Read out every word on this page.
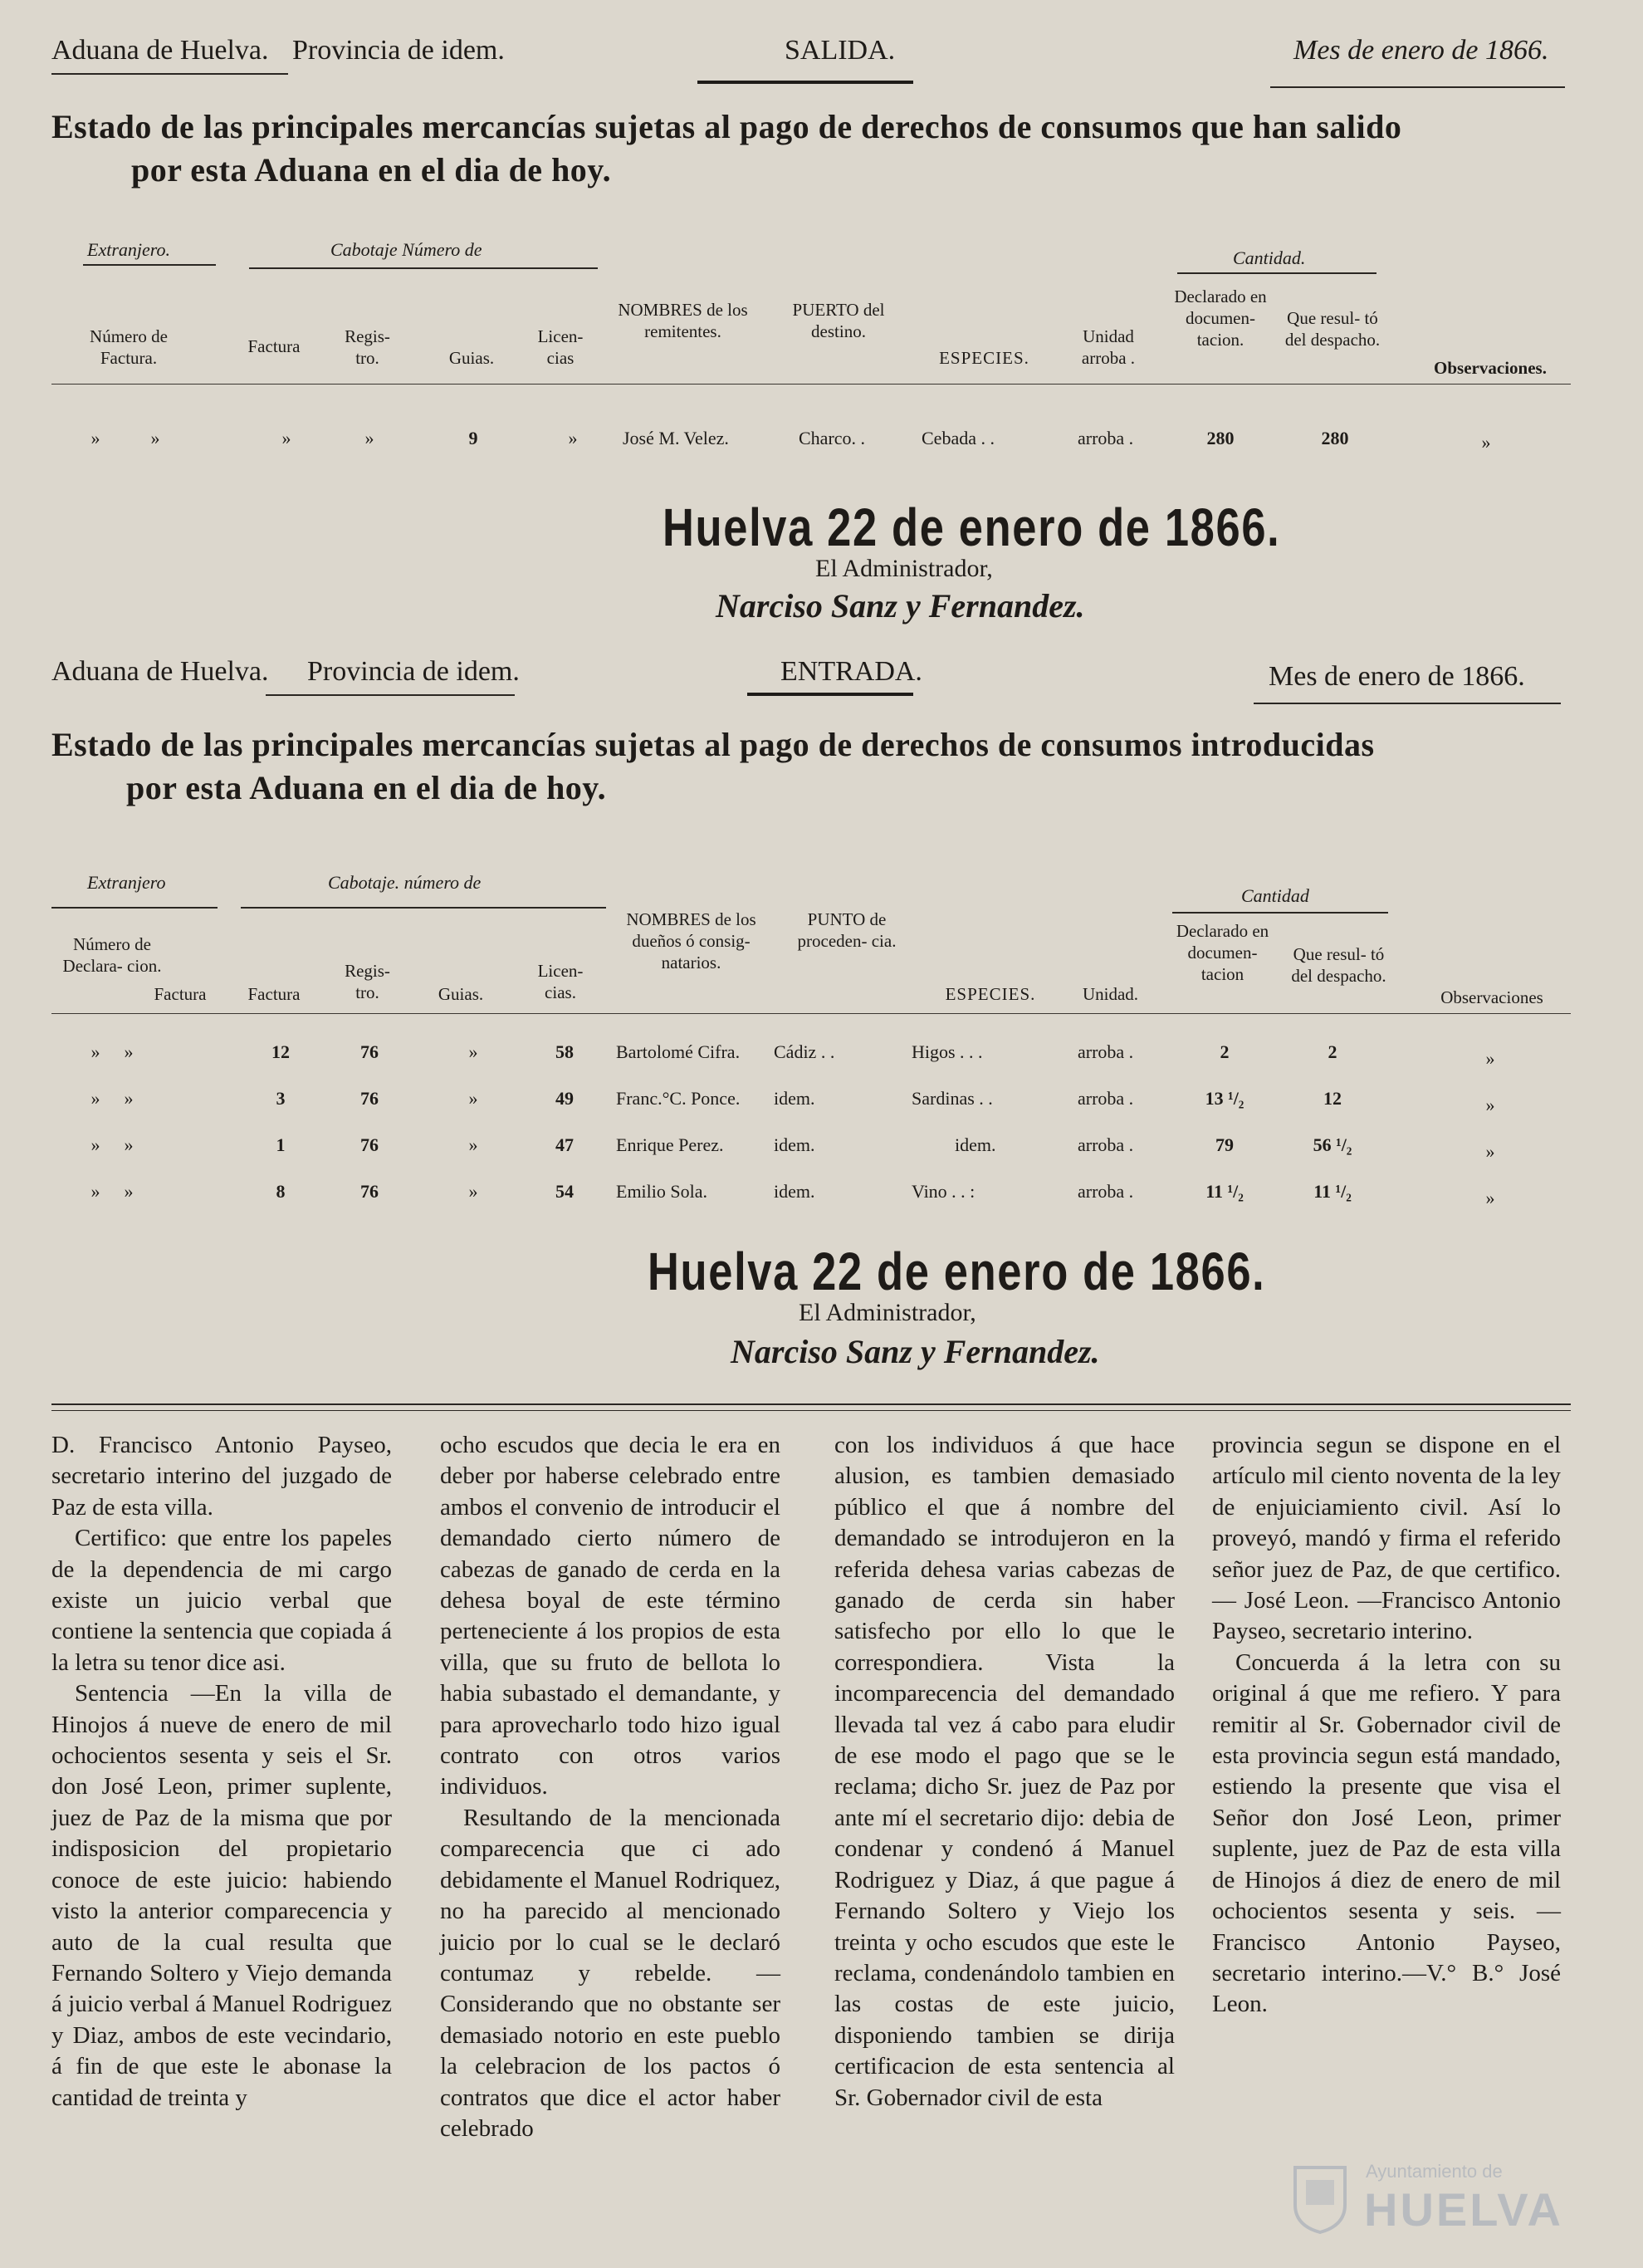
Aduana de Huelva. Provincia de idem.	SALIDA.	Mes de enero de 1866.
Estado de las principales mercancías sujetas al pago de derechos de consumos que han salido
por esta Aduana en el dia de hoy.
Extranjero.	Cabotaje Número de	Cantidad.
Número de Factura.
Factura	Regis- tro.	Guias.
Licen- cias
NOMBRES de los remitentes.
PUERTO del destino.
ESPECIES.
Unidad arroba .
Declarado en documen- tacion.
Que resul- tó del despacho.
Observaciones.
»	»	»	»	9	»	José M. Velez.	Charco. .	Cebada . .	arroba .	280	280	»
Huelva 22 de enero de 1866.
El Administrador,
Narciso Sanz y Fernandez.
Aduana de Huelva. Provincia de idem.	ENTRADA.	Mes de enero de 1866.
Estado de las principales mercancías sujetas al pago de derechos de consumos introducidas
por esta Aduana en el dia de hoy.
Extranjero	Cabotaje. número de
Cantidad
Número de Declara- cion.
Factura	Factura
Regis- tro.	Guias.
Licen- cias.
NOMBRES de los dueños ó consig- natarios.
PUNTO de proceden- cia.
ESPECIES.	Unidad.
Declarado en documen- tacion
Que resul- tó del despacho.
Observaciones
»	»	12	76	»	58	Bartolomé Cifra. Cádiz . .	Higos . . .	arroba .	2	2	»
»	»	3	76	»	49	Franc.°C. Ponce. idem.	Sardinas . .	arroba .	13 ¹/₂	12	»
»	»	1	76	»	47	Enrique Perez.	idem.	idem.	arroba .	79	56 ¹/₂	»
»	»	8	76	»	54	Emilio Sola.	idem.	Vino . . :	arroba .	11 ¹/₂	11 ¹/₂	»
Huelva 22 de enero de 1866.
El Administrador,
Narciso Sanz y Fernandez.

D. Francisco Antonio Payseo, secretario interino del juzgado de Paz de esta villa.

Certifico: que entre los papeles de la dependencia de mi cargo existe un juicio verbal que contiene la sentencia que copiada á la letra su tenor dice asi.

Sentencia —En la villa de Hinojos á nueve de enero de mil ochocientos sesenta y seis el Sr. don José Leon, primer suplente, juez de Paz de la misma que por indisposicion del propietario conoce de este juicio: habiendo visto la anterior comparecencia y auto de la cual resulta que Fernando Soltero y Viejo demanda á juicio verbal á Manuel Rodriguez y Diaz, ambos de este vecindario, á fin de que este le abonase la cantidad de treinta y

ocho escudos que decia le era en deber por haberse celebrado entre ambos el convenio de introducir el demandado cierto número de cabezas de ganado de cerda en la dehesa boyal de este término perteneciente á los propios de esta villa, que su fruto de bellota lo habia subastado el demandante, y para aprovecharlo todo hizo igual contrato con otros varios individuos.

Resultando de la mencionada comparecencia que ci ado debidamente el Manuel Rodriquez, no ha parecido al mencionado juicio por lo cual se le declaró contumaz y rebelde. —Considerando que no obstante ser demasiado notorio en este pueblo la celebracion de los pactos ó contratos que dice el actor haber celebrado

con los individuos á que hace alusion, es tambien demasiado público el que á nombre del demandado se introdujeron en la referida dehesa varias cabezas de ganado de cerda sin haber satisfecho por ello lo que le correspondiera. Vista la incomparecencia del demandado llevada tal vez á cabo para eludir de ese modo el pago que se le reclama; dicho Sr. juez de Paz por ante mí el secretario dijo: debia de condenar y condenó á Manuel Rodriguez y Diaz, á que pague á Fernando Soltero y Viejo los treinta y ocho escudos que este le reclama, condenándolo tambien en las costas de este juicio, disponiendo tambien se dirija certificacion de esta sentencia al Sr. Gobernador civil de esta

provincia segun se dispone en el artículo mil ciento noventa de la ley de enjuiciamiento civil. Así lo proveyó, mandó y firma el referido señor juez de Paz, de que certifico.— José Leon. —Francisco Antonio Payseo, secretario interino.

Concuerda á la letra con su original á que me refiero. Y para remitir al Sr. Gobernador civil de esta provincia segun está mandado, estiendo la presente que visa el Señor don José Leon, primer suplente, juez de Paz de esta villa de Hinojos á diez de enero de mil ochocientos sesenta y seis. —Francisco Antonio Payseo, secretario interino.—V.° B.° José Leon.

Ayuntamiento de
HUELVA
